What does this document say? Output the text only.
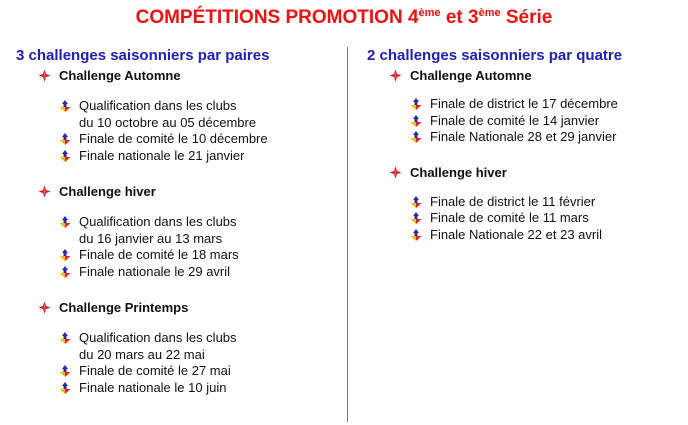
COMPÉTITIONS PROMOTION 4ème et 3ème Série
3 challenges saisonniers par paires
Challenge Automne
Qualification dans les clubs
du 10 octobre au 05 décembre
Finale de comité le 10 décembre
Finale nationale le 21 janvier
Challenge hiver
Qualification dans les clubs
du 16 janvier au 13 mars
Finale de comité le 18 mars
Finale nationale le 29 avril
Challenge Printemps
Qualification dans les clubs
du 20 mars au 22 mai
Finale de comité le 27 mai
Finale nationale le 10 juin
2 challenges saisonniers par quatre
Challenge Automne
Finale de district le 17 décembre
Finale de comité le 14 janvier
Finale Nationale 28 et 29 janvier
Challenge hiver
Finale de district le 11 février
Finale de comité le 11 mars
Finale Nationale 22 et 23 avril
